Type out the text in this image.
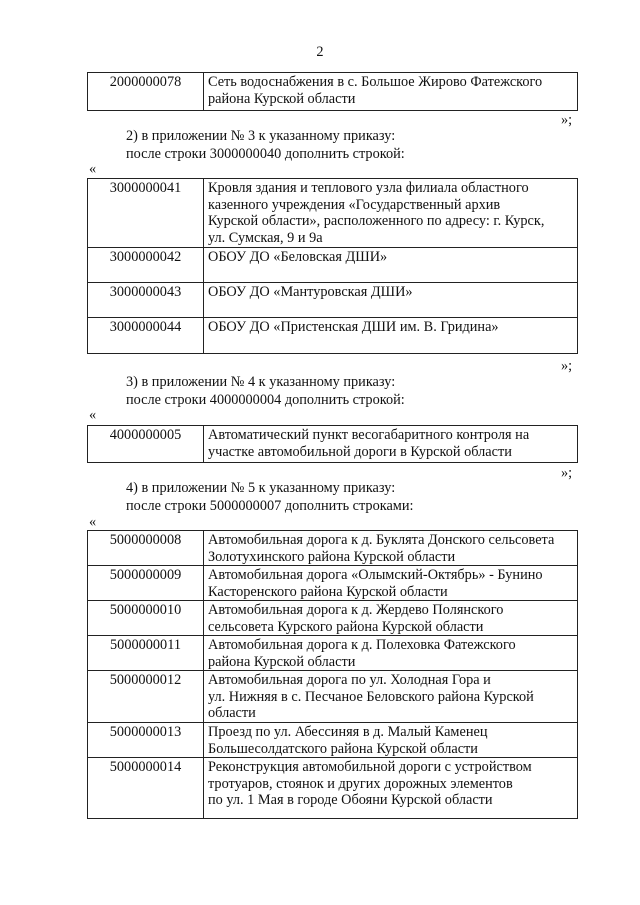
2
2000000078	Сеть водоснабжения в с. Большое Жирово Фатежского
района Курской области
»;
2) в приложении № 3 к указанному приказу:
после строки 3000000040 дополнить строкой:
«
3000000041	Кровля здания и теплового узла филиала областного
казенного учреждения «Государственный архив
Курской области», расположенного по адресу: г. Курск,
ул. Сумская, 9 и 9а

3000000042	ОБОУ ДО «Беловская ДШИ»

3000000043	ОБОУ ДО «Мантуровская ДШИ»

3000000044	ОБОУ ДО «Пристенская ДШИ им. В. Гридина»
»;
3) в приложении № 4 к указанному приказу:
после строки 4000000004 дополнить строкой:
«
4000000005	Автоматический пункт весогабаритного контроля на
участке автомобильной дороги в Курской области
»;
4) в приложении № 5 к указанному приказу:
после строки 5000000007 дополнить строками:
«
5000000008	Автомобильная дорога к д. Буклята Донского сельсовета
Золотухинского района Курской области

5000000009	Автомобильная дорога «Олымский-Октябрь» - Бунино
Касторенского района Курской области

5000000010	Автомобильная дорога к д. Жердево Полянского
сельсовета Курского района Курской области

5000000011	Автомобильная дорога к д. Полеховка Фатежского
района Курской области

5000000012	Автомобильная дорога по ул. Холодная Гора и
ул. Нижняя в с. Песчаное Беловского района Курской
области

5000000013	Проезд по ул. Абессиняя в д. Малый Каменец
Большесолдатского района Курской области

5000000014	Реконструкция автомобильной дороги с устройством
тротуаров, стоянок и других дорожных элементов
по ул. 1 Мая в городе Обояни Курской области
